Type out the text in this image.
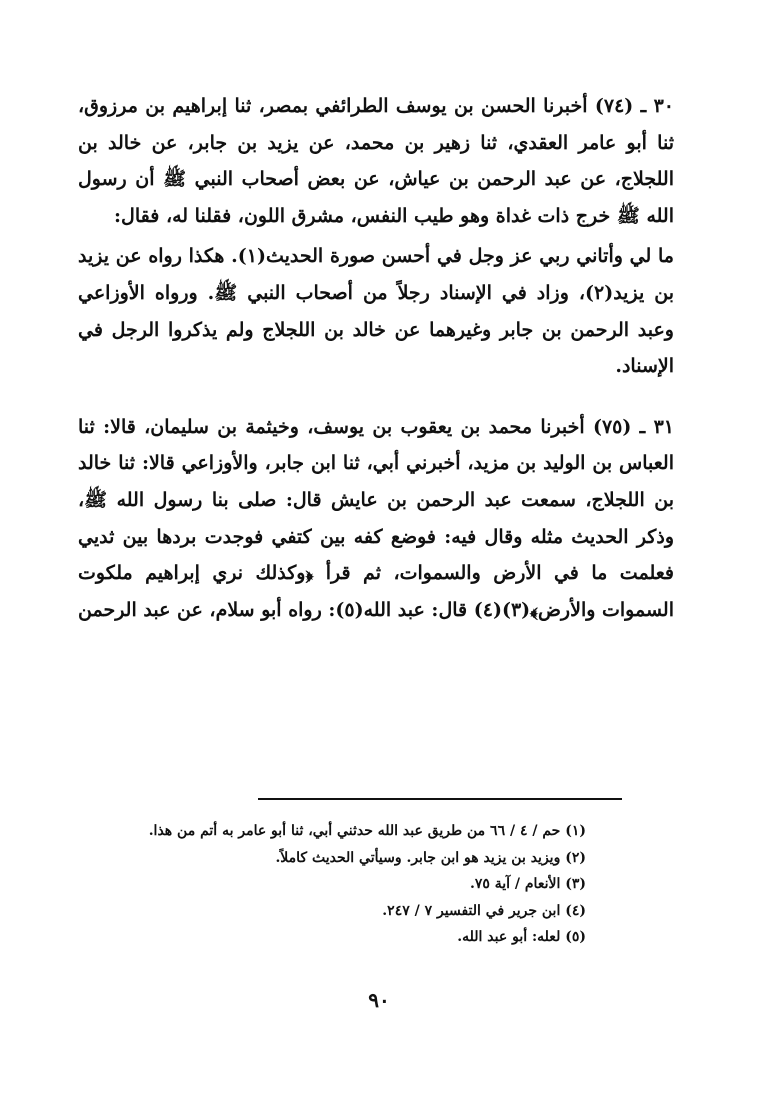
٣٠ ـ (٧٤) أخبرنا الحسن بن يوسف الطرائفي بمصر، ثنا إبراهيم بن مرزوق، ثنا أبو عامر العقدي، ثنا زهير بن محمد، عن يزيد بن جابر، عن خالد بن اللجلاج، عن عبد الرحمن بن عياش، عن بعض أصحاب النبي ﷺ أن رسول الله ﷺ خرج ذات غداة وهو طيب النفس، مشرق اللون، فقلنا له، فقال:

ما لي وأتاني ربي عز وجل في أحسن صورة الحديث(١). هكذا رواه عن يزيد بن يزيد(٢)، وزاد في الإسناد رجلاً من أصحاب النبي ﷺ. ورواه الأوزاعي وعبد الرحمن بن جابر وغيرهما عن خالد بن اللجلاج ولم يذكروا الرجل في الإسناد.

٣١ ـ (٧٥) أخبرنا محمد بن يعقوب بن يوسف، وخيثمة بن سليمان، قالا: ثنا العباس بن الوليد بن مزيد، أخبرني أبي، ثنا ابن جابر، والأوزاعي قالا: ثنا خالد بن اللجلاج، سمعت عبد الرحمن بن عايش قال: صلى بنا رسول الله ﷺ، وذكر الحديث مثله وقال فيه: فوضع كفه بين كتفي فوجدت بردها بين ثديي فعلمت ما في الأرض والسموات، ثم قرأ ﴿وكذلك نري إبراهيم ملكوت السموات والأرض﴾(٣)(٤) قال: عبد الله(٥): رواه أبو سلام، عن عبد الرحمن

(١) حم / ٤ / ٦٦ من طريق عبد الله حدثني أبي، ثنا أبو عامر به أتم من هذا.

(٢) ويزيد بن يزيد هو ابن جابر. وسيأتي الحديث كاملاً.

(٣) الأنعام / آية ٧٥.

(٤) ابن جرير في التفسير ٧ / ٢٤٧.

(٥) لعله: أبو عبد الله.

٩٠
